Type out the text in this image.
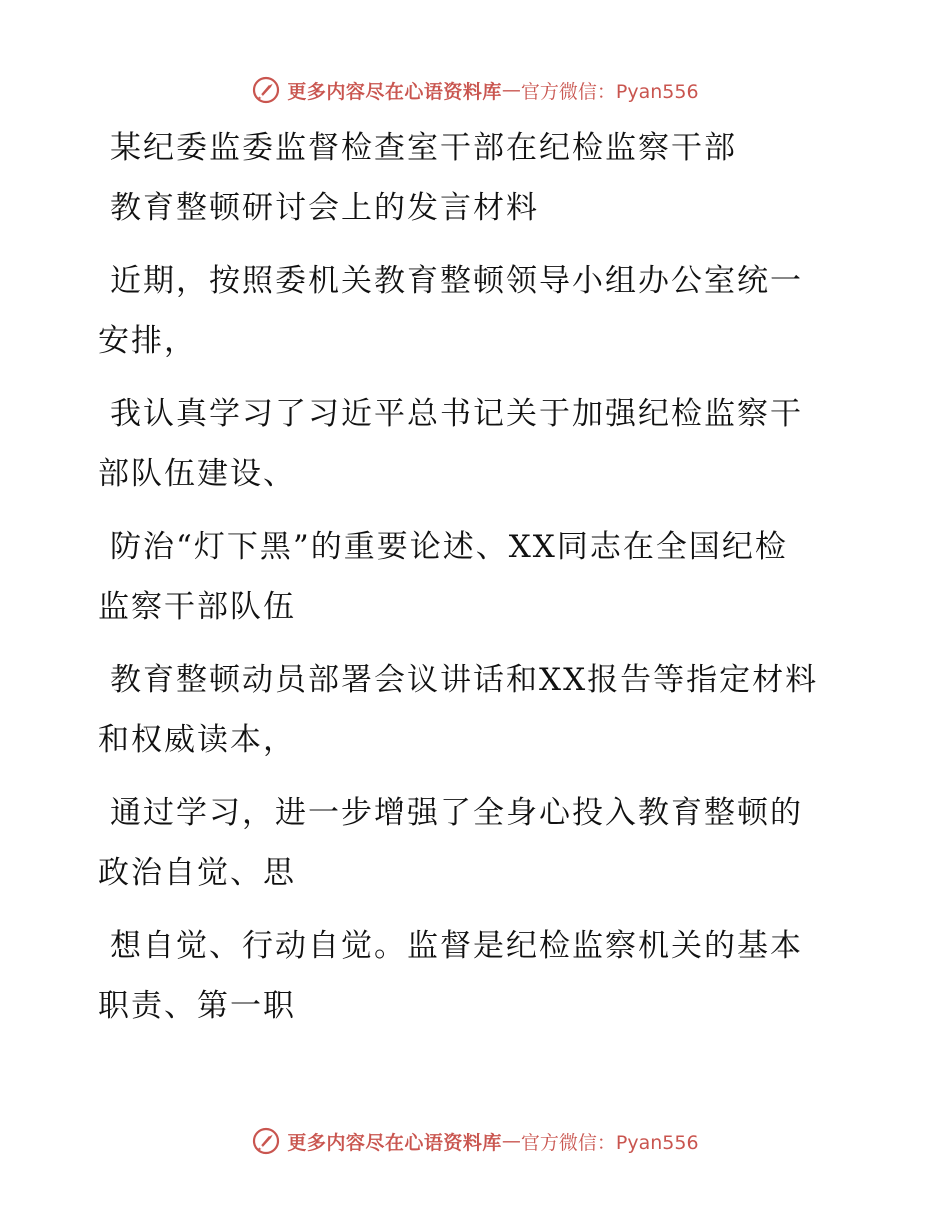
更多内容尽在心语资料库 — 官方微信：Pyan556
某纪委监委监督检查室干部在纪检监察干部
教育整顿研讨会上的发言材料
近期，按照委机关教育整顿领导小组办公室统一
安排，
我认真学习了习近平总书记关于加强纪检监察干
部队伍建设、
防治“灯下黑”的重要论述、XX同志在全国纪检
监察干部队伍
教育整顿动员部署会议讲话和XX报告等指定材料
和权威读本，
通过学习，进一步增强了全身心投入教育整顿的
政治自觉、思
想自觉、行动自觉。监督是纪检监察机关的基本
职责、第一职
更多内容尽在心语资料库 — 官方微信：Pyan556
